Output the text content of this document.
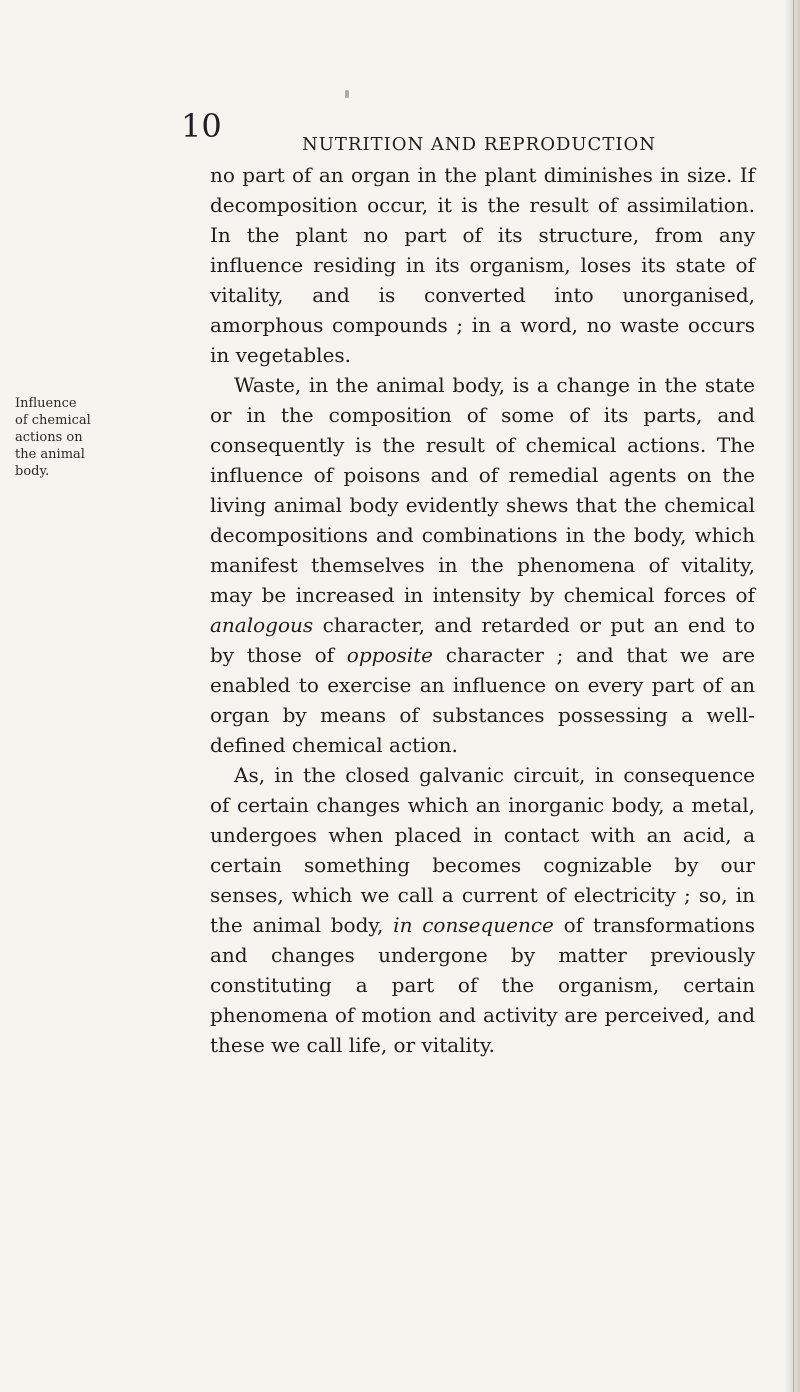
10	NUTRITION AND REPRODUCTION
Influence
of chemical
actions on
the animal
body.

no part of an organ in the plant diminishes in size. If decomposition occur, it is the result of assimilation. In the plant no part of its structure, from any influence residing in its organism, loses its state of vitality, and is converted into unorganised, amorphous compounds ; in a word, no waste occurs in vegetables.

Waste, in the animal body, is a change in the state or in the composition of some of its parts, and consequently is the result of chemical actions. The influence of poisons and of remedial agents on the living animal body evidently shews that the chemical decompositions and combinations in the body, which manifest themselves in the phenomena of vitality, may be increased in intensity by chemical forces of analogous character, and retarded or put an end to by those of opposite character ; and that we are enabled to exercise an influence on every part of an organ by means of substances possessing a well-defined chemical action.

As, in the closed galvanic circuit, in consequence of certain changes which an inorganic body, a metal, undergoes when placed in contact with an acid, a certain something becomes cognizable by our senses, which we call a current of electricity ; so, in the animal body, in consequence of transformations and changes undergone by matter previously constituting a part of the organism, certain phenomena of motion and activity are perceived, and these we call life, or vitality.
